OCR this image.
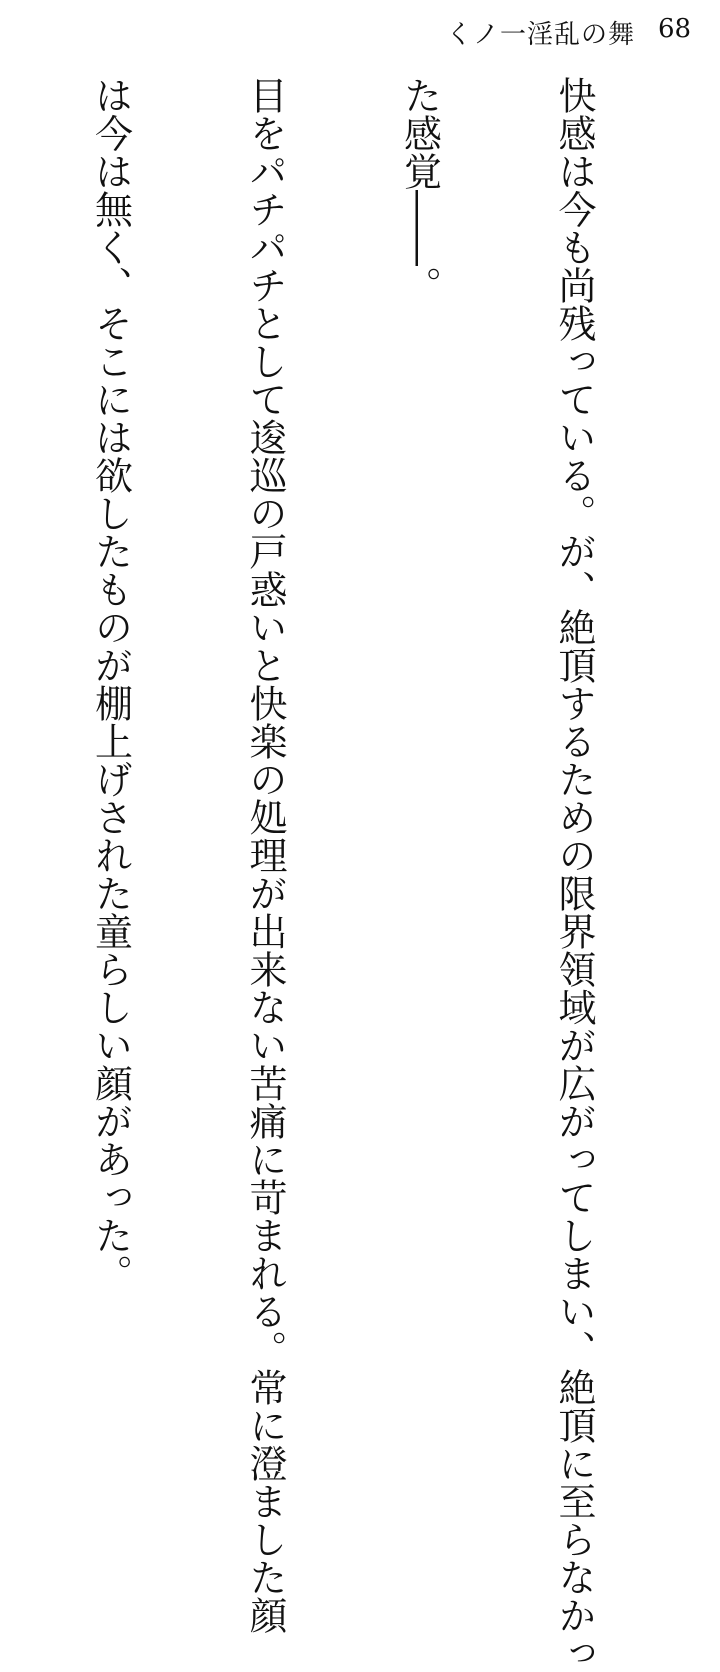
くノ一淫乱の舞 68

快感は今も尚残っている。が、絶頂するための限界領域が広がってしまい、絶頂に至らなかっ

た感覚――。

目をパチパチとして逡巡の戸惑いと快楽の処理が出来ない苦痛に苛まれる。常に澄ました顔

は今は無く、そこには欲したものが棚上げされた童らしい顔があった。
